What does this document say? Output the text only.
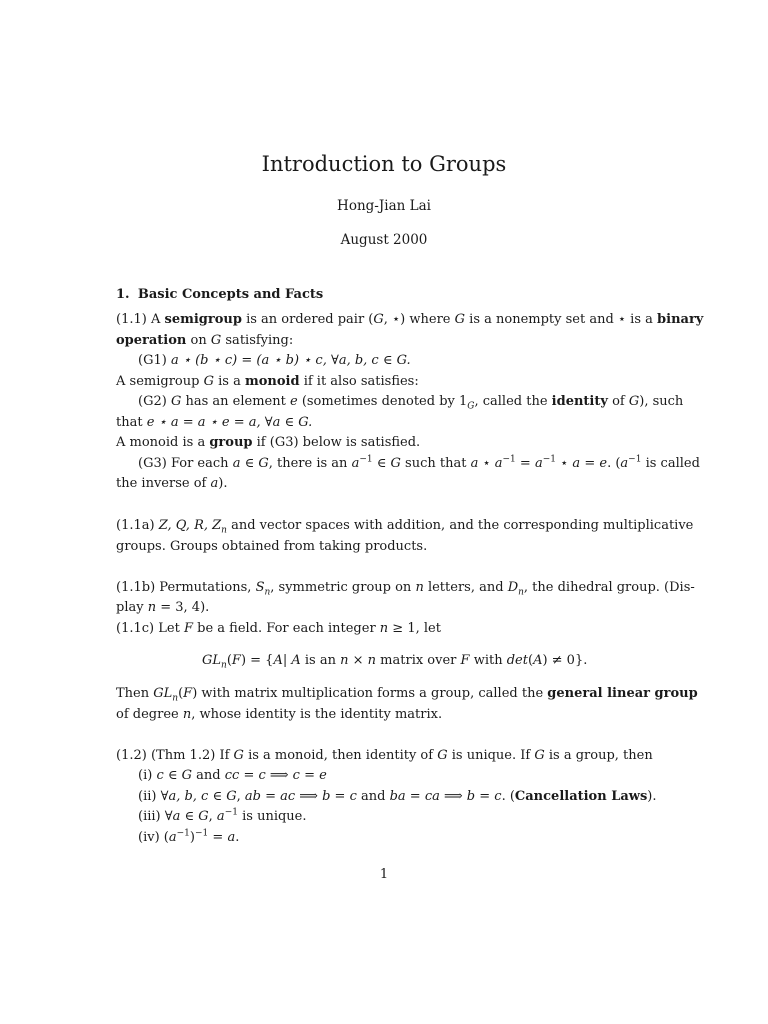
Introduction to Groups
Hong-Jian Lai
August 2000
1. Basic Concepts and Facts
(1.1) A semigroup is an ordered pair (G, ⋆) where G is a nonempty set and ⋆ is a binary
operation on G satisfying:
(G1) a ⋆ (b ⋆ c) = (a ⋆ b) ⋆ c, ∀a, b, c ∈ G.
A semigroup G is a monoid if it also satisfies:
(G2) G has an element e (sometimes denoted by $1_G$, called the identity of G), such
that e ⋆ a = a ⋆ e = a, ∀a ∈ G.
A monoid is a group if (G3) below is satisfied.
(G3) For each a ∈ G, there is an $a^{-1}$ ∈ G such that a ⋆ $a^{-1} = a^{-1}$ ⋆ a = e. ($a^{-1}$ is called
the inverse of a).
(1.1a) Z, Q, R, $Z_n$ and vector spaces with addition, and the corresponding multiplicative
groups. Groups obtained from taking products.
(1.1b) Permutations, $S_n$, symmetric group on n letters, and $D_n$, the dihedral group. (Dis-
play n = 3, 4).
(1.1c) Let F be a field. For each integer n ≥ 1, let
$GL_n(F) = \{A|$ A is an n × n matrix over F with det(A) ≠ 0}.
Then $GL_n(F)$ with matrix multiplication forms a group, called the general linear group
of degree n, whose identity is the identity matrix.
(1.2) (Thm 1.2) If G is a monoid, then identity of G is unique. If G is a group, then
(i) c ∈ G and cc = c ⟹ c = e
(ii) ∀a, b, c ∈ G, ab = ac ⟹ b = c and ba = ca ⟹ b = c. (Cancellation Laws).
(iii) ∀a ∈ G, $a^{-1}$ is unique.
(iv) $(a^{-1})^{-1} = a$.
1
